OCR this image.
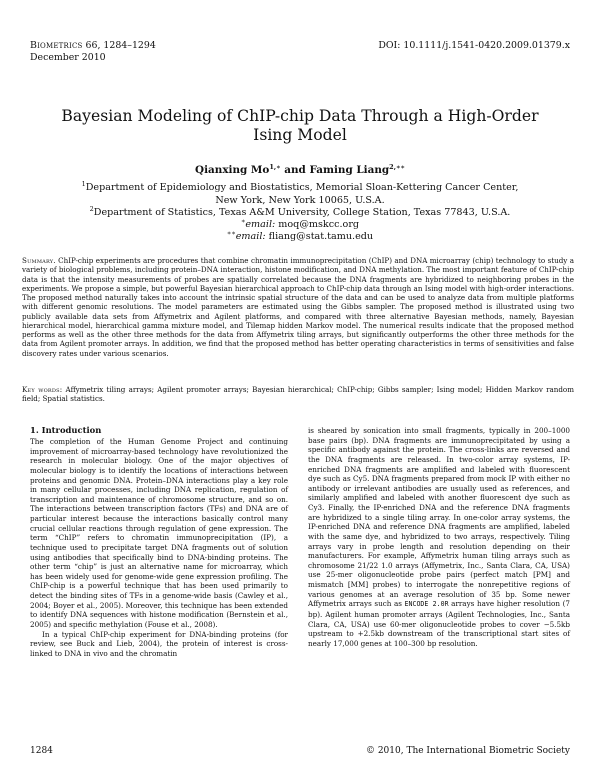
Biometrics 66, 1284–1294
December 2010
DOI: 10.1111/j.1541-0420.2009.01379.x
Bayesian Modeling of ChIP-chip Data Through a High-Order
Ising Model
Qianxing $Mo^{1,∗}$ and Faming Liang$^{2,∗∗}$
$^1$Department of Epidemiology and Biostatistics, Memorial Sloan-Kettering Cancer Center,
New York, New York 10065, U.S.A.
$^2$Department of Statistics, Texas A&M University, College Station, Texas 77843, U.S.A.
∗email: moq@mskcc.org
∗∗email: fliang@stat.tamu.edu
Summary. ChIP-chip experiments are procedures that combine chromatin immunoprecipitation (ChIP) and DNA microarray (chip) technology to study a variety of biological problems, including protein–DNA interaction, histone modification, and DNA methylation. The most important feature of ChIP-chip data is that the intensity measurements of probes are spatially correlated because the DNA fragments are hybridized to neighboring probes in the experiments. We propose a simple, but powerful Bayesian hierarchical approach to ChIP-chip data through an Ising model with high-order interactions. The proposed method naturally takes into account the intrinsic spatial structure of the data and can be used to analyze data from multiple platforms with different genomic resolutions. The model parameters are estimated using the Gibbs sampler. The proposed method is illustrated using two publicly available data sets from Affymetrix and Agilent platforms, and compared with three alternative Bayesian methods, namely, Bayesian hierarchical model, hierarchical gamma mixture model, and Tilemap hidden Markov model. The numerical results indicate that the proposed method performs as well as the other three methods for the data from Affymetrix tiling arrays, but significantly outperforms the other three methods for the data from Agilent promoter arrays. In addition, we find that the proposed method has better operating characteristics in terms of sensitivities and false discovery rates under various scenarios.
Key words: Affymetrix tiling arrays; Agilent promoter arrays; Bayesian hierarchical; ChIP-chip; Gibbs sampler; Ising model; Hidden Markov random field; Spatial statistics.
1. Introduction

The completion of the Human Genome Project and continuing improvement of microarray-based technology have revolutionized the research in molecular biology. One of the major objectives of molecular biology is to identify the locations of interactions between proteins and genomic DNA. Protein–DNA interactions play a key role in many cellular processes, including DNA replication, regulation of transcription and maintenance of chromosome structure, and so on. The interactions between transcription factors (TFs) and DNA are of particular interest because the interactions basically control many crucial cellular reactions through regulation of gene expression. The term “ChIP” refers to chromatin immunoprecipitation (IP), a technique used to precipitate target DNA fragments out of solution using antibodies that specifically bind to DNA-binding proteins. The other term “chip” is just an alternative name for microarray, which has been widely used for genome-wide gene expression profiling. The ChIP-chip is a powerful technique that has been used primarily to detect the binding sites of TFs in a genome-wide basis (Cawley et al., 2004; Boyer et al., 2005). Moreover, this technique has been extended to identify DNA sequences with histone modification (Bernstein et al., 2005) and specific methylation (Fouse et al., 2008).

In a typical ChIP-chip experiment for DNA-binding proteins (for review, see Buck and Lieb, 2004), the protein of interest is cross-linked to DNA in vivo and the chromatin

is sheared by sonication into small fragments, typically in 200–1000 base pairs (bp). DNA fragments are immunoprecipitated by using a specific antibody against the protein. The cross-links are reversed and the DNA fragments are released. In two-color array systems, IP-enriched DNA fragments are amplified and labeled with fluorescent dye such as Cy5. DNA fragments prepared from mock IP with either no antibody or irrelevant antibodies are usually used as references, and similarly amplified and labeled with another fluorescent dye such as Cy3. Finally, the IP-enriched DNA and the reference DNA fragments are hybridized to a single tiling array. In one-color array systems, the IP-enriched DNA and reference DNA fragments are amplified, labeled with the same dye, and hybridized to two arrays, respectively. Tiling arrays vary in probe length and resolution depending on their manufacturers. For example, Affymetrix human tiling arrays such as chromosome 21/22 1.0 arrays (Affymetrix, Inc., Santa Clara, CA, USA) use 25-mer oligonucleotide probe pairs (perfect match [PM] and mismatch [MM] probes) to interrogate the nonrepetitive regions of various genomes at an average resolution of 35 bp. Some newer Affymetrix arrays such as ENCODE 2.0R arrays have higher resolution (7 bp). Agilent human promoter arrays (Agilent Technologies, Inc., Santa Clara, CA, USA) use 60-mer oligonucleotide probes to cover −5.5kb upstream to +2.5kb downstream of the transcriptional start sites of nearly 17,000 genes at 100–300 bp resolution.

1284	© 2010, The International Biometric Society
